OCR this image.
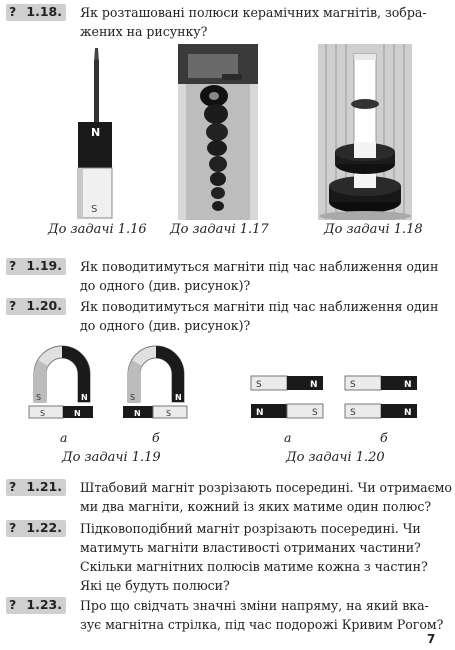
? 1.18. Як розташовані полюси керамічних магнітів, зобра-
жених на рисунку?
N
S
До задачі 1.16 До задачі 1.17	До задачі 1.18
? 1.19. Як поводитимуться магніти під час наближення один
до одного (див. рисунок)?
? 1.20. Як поводитимуться магніти під час наближення один
до одного (див. рисунок)?
S	N
S	N
S	N
N	S
S	N
N	S
S	N
S	N
а	б	а	б
До задачі 1.19	До задачі 1.20
? 1.21. Штабовий магніт розрізають посередині. Чи отримаємо
ми два магніти, кожний із яких матиме один полюс?
? 1.22. Підковоподібний магніт розрізають посередині. Чи
матимуть магніти властивості отриманих частини?
Скільки магнітних полюсів матиме кожна з частин?
Які це будуть полюси?
? 1.23. Про що свідчать значні зміни напряму, на який вка-
зує магнітна стрілка, під час подорожі Кривим Рогом?
7
